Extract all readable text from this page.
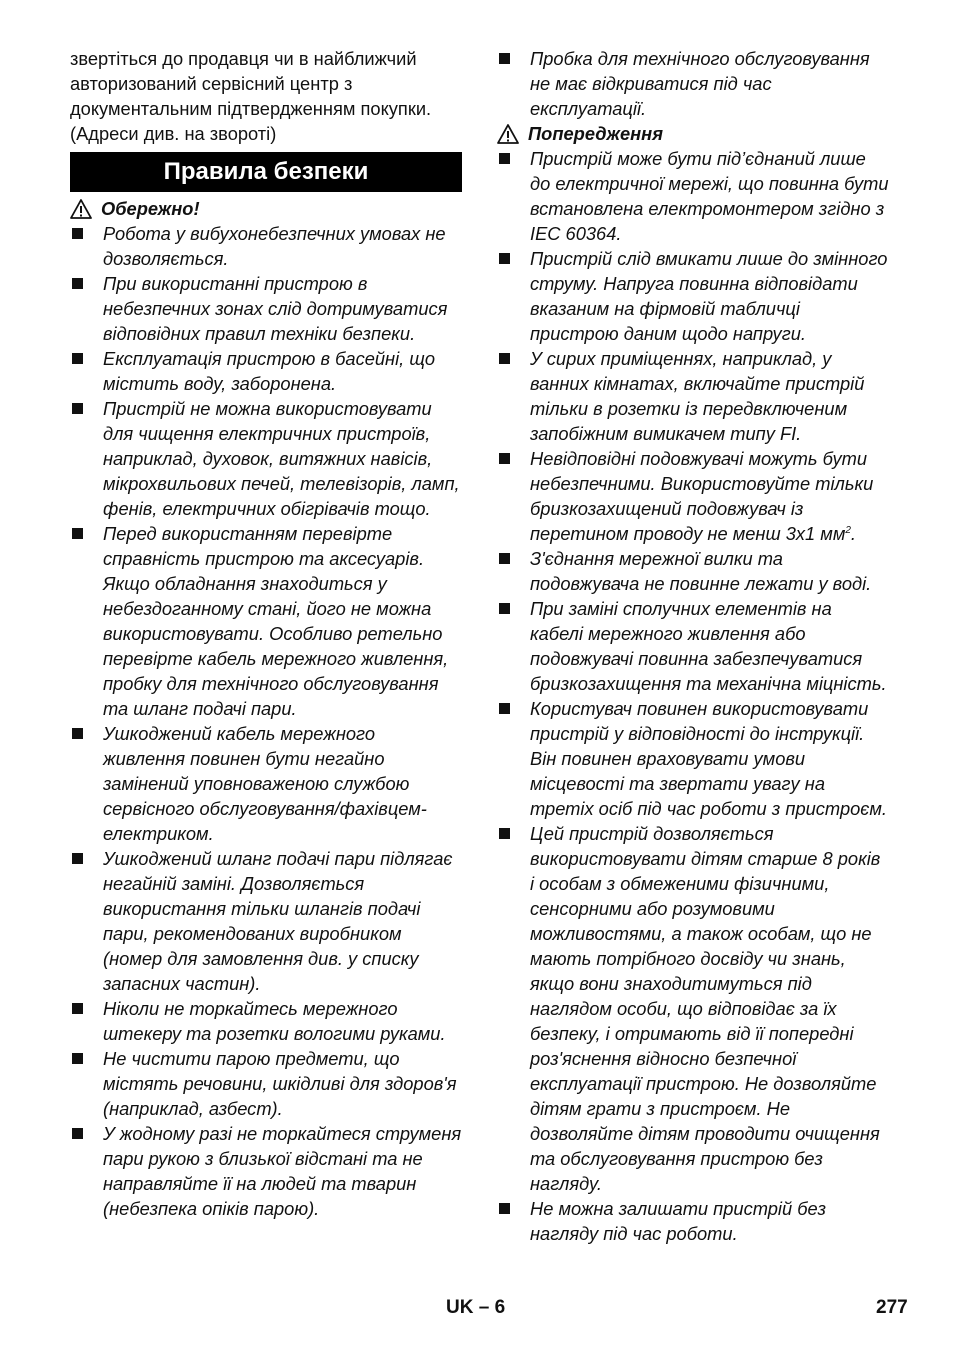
звертіться до продавця чи в найближчий авторизований сервісний центр з документальним підтвердженням покупки. (Адреси див. на звороті)

Правила безпеки
Обережно!
Робота у вибухонебезпечних умовах не дозволяється.
При використанні пристрою в небезпечних зонах слід дотримуватися відповідних правил техніки безпеки.
Експлуатація пристрою в басейні, що містить воду, заборонена.
Пристрій не можна використовувати для чищення електричних пристроїв, наприклад, духовок, витяжних навісів, мікрохвильових печей, телевізорів, ламп, фенів, електричних обігрівачів тощо.
Перед використанням перевірте справність пристрою та аксесуарів. Якщо обладнання знаходиться у небездоганному стані, його не можна використовувати. Особливо ретельно перевірте кабель мережного живлення, пробку для технічного обслуговування та шланг подачі пари.
Ушкоджений кабель мережного живлення повинен бути негайно замінений уповноваженою службою сервісного обслуговування/фахівцем-електриком.
Ушкоджений шланг подачі пари підлягає негайній заміні. Дозволяється використання тільки шлангів подачі пари, рекомендованих виробником (номер для замовлення див. у списку запасних частин).
Ніколи не торкайтесь мережного штекеру та розетки вологими руками.
Не чистити парою предмети, що містять речовини, шкідливі для здоров'я (наприклад, азбест).
У жодному разі не торкайтеся струменя пари рукою з близької відстані та не направляйте її на людей та тварин (небезпека опіків парою).
Пробка для технічного обслуговування не має відкриватися під час експлуатації.
Попередження
Пристрій може бути під’єднаний лише до електричної мережі, що повинна бути встановлена електромонтером згідно з IEC 60364.
Пристрій слід вмикати лише до змінного струму. Напруга повинна відповідати вказаним на фірмовій табличці пристрою даним щодо напруги.
У сирих приміщеннях, наприклад, у ванних кімнатах, включайте пристрій тільки в розетки із передвключеним запобіжним вимикачем типу FI.
Невідповідні подовжувачі можуть бути небезпечними. Використовуйте тільки бризкозахищений подовжувач із перетином проводу не менш 3x1 $мм^2$.
З'єднання мережної вилки та подовжувача не повинне лежати у воді.
При заміні сполучних елементів на кабелі мережного живлення або подовжувачі повинна забезпечуватися бризкозахищення та механічна міцність.
Користувач повинен використовувати пристрій у відповідності до інструкції. Він повинен враховувати умови місцевості та звертати увагу на третіх осіб під час роботи з пристроєм.
Цей пристрій дозволяється використовувати дітям старше 8 років і особам з обмеженими фізичними, сенсорними або розумовими можливостями, а також особам, що не мають потрібного досвіду чи знань, якщо вони знаходитимуться під наглядом особи, що відповідає за їх безпеку, і отримають від її попередні роз'яснення відносно безпечної експлуатації пристрою. Не дозволяйте дітям грати з пристроєм. Не дозволяйте дітям проводити очищення та обслуговування пристрою без нагляду.
Не можна залишати пристрій без нагляду під час роботи.
UK – 6	277
